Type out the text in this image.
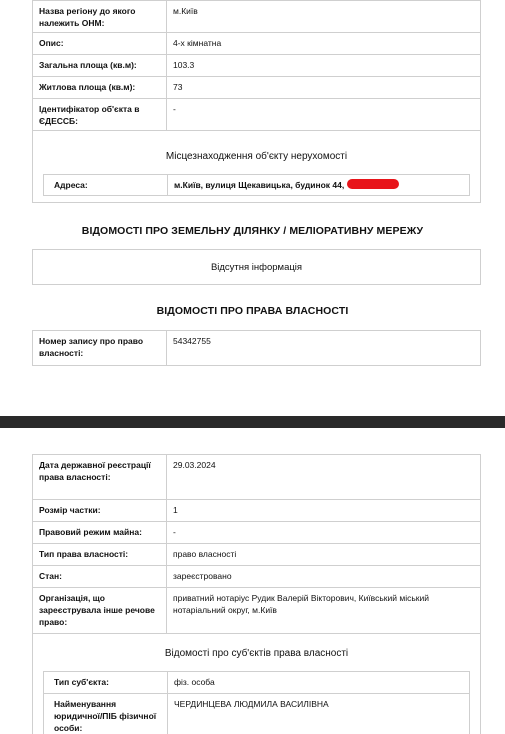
Назва регіону до якого належить ОНМ:
м.Київ
Опис:	4-х кімнатна
Загальна площа (кв.м):	103.3
Житлова площа (кв.м):	73
Ідентифікатор об'єкта в ЄДЕССБ:
-
Місцезнаходження об'єкту нерухомості
Адреса:	м.Київ, вулиця Щекавицька, будинок 44,
ВІДОМОСТІ ПРО ЗЕМЕЛЬНУ ДІЛЯНКУ / МЕЛІОРАТИВНУ МЕРЕЖУ
Відсутня інформація
ВІДОМОСТІ ПРО ПРАВА ВЛАСНОСТІ
Номер запису про право власності:
54342755
Дата державної реєстрації права власності:
29.03.2024
Розмір частки:	1
Правовий режим майна:	-
Тип права власності:	право власності
Стан:	зареєстровано
Організація, що зареєструвала інше речове право:
приватний нотаріус Рудик Валерій Вікторович, Київський міський нотаріальний округ, м.Київ
Відомості про суб'єктів права власності
Тип суб'єкта:	фіз. особа
Найменування юридичної/ПІБ фізичної особи:
ЧЕРДИНЦЕВА ЛЮДМИЛА ВАСИЛІВНА
